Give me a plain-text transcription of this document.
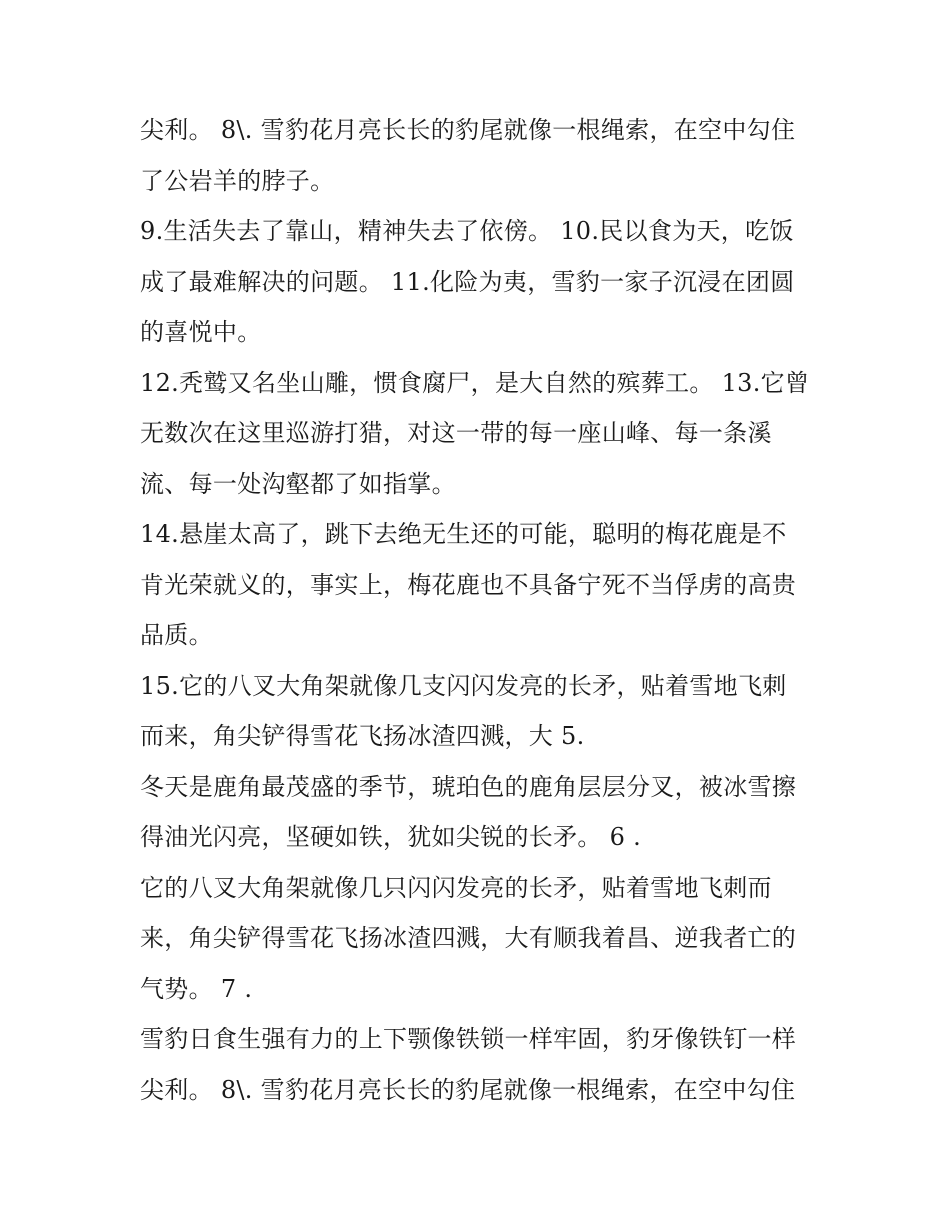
尖利。 8\. 雪豹花月亮长长的豹尾就像一根绳索，在空中勾住
了公岩羊的脖子。
9.生活失去了靠山，精神失去了依傍。 10.民以食为天，吃饭
成了最难解决的问题。 11.化险为夷，雪豹一家子沉浸在团圆
的喜悦中。
12.秃鹫又名坐山雕，惯食腐尸，是大自然的殡葬工。 13.它曾
无数次在这里巡游打猎，对这一带的每一座山峰、每一条溪
流、每一处沟壑都了如指掌。
14.悬崖太高了，跳下去绝无生还的可能，聪明的梅花鹿是不
肯光荣就义的，事实上，梅花鹿也不具备宁死不当俘虏的高贵
品质。
15.它的八叉大角架就像几支闪闪发亮的长矛，贴着雪地飞刺
而来，角尖铲得雪花飞扬冰渣四溅，大 5.
冬天是鹿角最茂盛的季节，琥珀色的鹿角层层分叉，被冰雪擦
得油光闪亮，坚硬如铁，犹如尖锐的长矛。 6 .
它的八叉大角架就像几只闪闪发亮的长矛，贴着雪地飞刺而
来，角尖铲得雪花飞扬冰渣四溅，大有顺我着昌、逆我者亡的
气势。 7 .
雪豹日食生强有力的上下颚像铁锁一样牢固，豹牙像铁钉一样
尖利。 8\. 雪豹花月亮长长的豹尾就像一根绳索，在空中勾住
